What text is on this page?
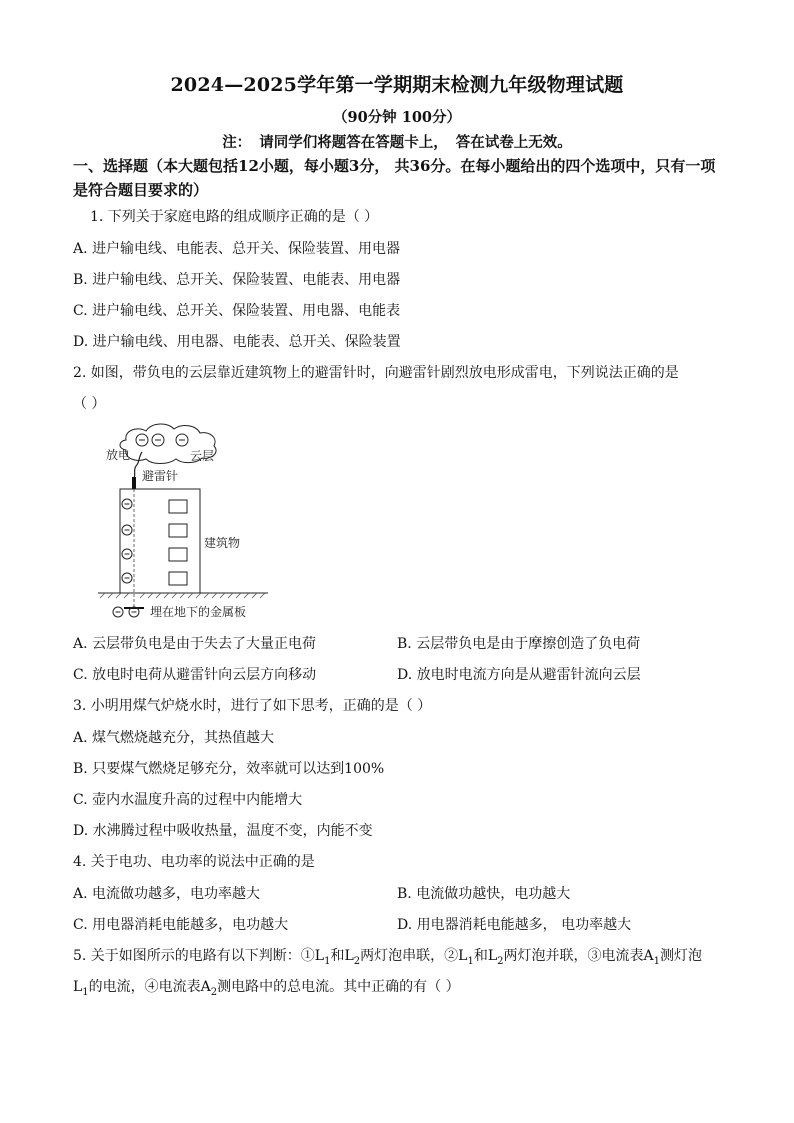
2024—2025学年第一学期期末检测九年级物理试题
（90分钟 100分）
注： 请同学们将题答在答题卡上， 答在试卷上无效。
一、选择题（本大题包括12小题，每小题3分， 共36分。在每小题给出的四个选项中，只有一项是符合题目要求的）
1. 下列关于家庭电路的组成顺序正确的是（ ）
A. 进户输电线、电能表、总开关、保险装置、用电器
B. 进户输电线、总开关、保险装置、电能表、用电器
C. 进户输电线、总开关、保险装置、用电器、电能表
D. 进户输电线、用电器、电能表、总开关、保险装置
2. 如图，带负电的云层靠近建筑物上的避雷针时，向避雷针剧烈放电形成雷电，下列说法正确的是
（ ）
放电	云层
避雷针
建筑物
埋在地下的金属板
A. 云层带负电是由于失去了大量正电荷	B. 云层带负电是由于摩擦创造了负电荷
C. 放电时电荷从避雷针向云层方向移动	D. 放电时电流方向是从避雷针流向云层
3. 小明用煤气炉烧水时，进行了如下思考，正确的是（ ）
A. 煤气燃烧越充分，其热值越大
B. 只要煤气燃烧足够充分，效率就可以达到100%
C. 壶内水温度升高的过程中内能增大
D. 水沸腾过程中吸收热量，温度不变，内能不变
4. 关于电功、电功率的说法中正确的是
A. 电流做功越多，电功率越大	B. 电流做功越快，电功越大
C. 用电器消耗电能越多，电功越大	D. 用电器消耗电能越多， 电功率越大
5. 关于如图所示的电路有以下判断：$①L_1$和$L_2$两灯泡串联，$②L_1$和$L_2$两灯泡并联，③电流表$A_1$测灯泡
$L_1$的电流，④电流表$A_2$测电路中的总电流。其中正确的有（ ）
